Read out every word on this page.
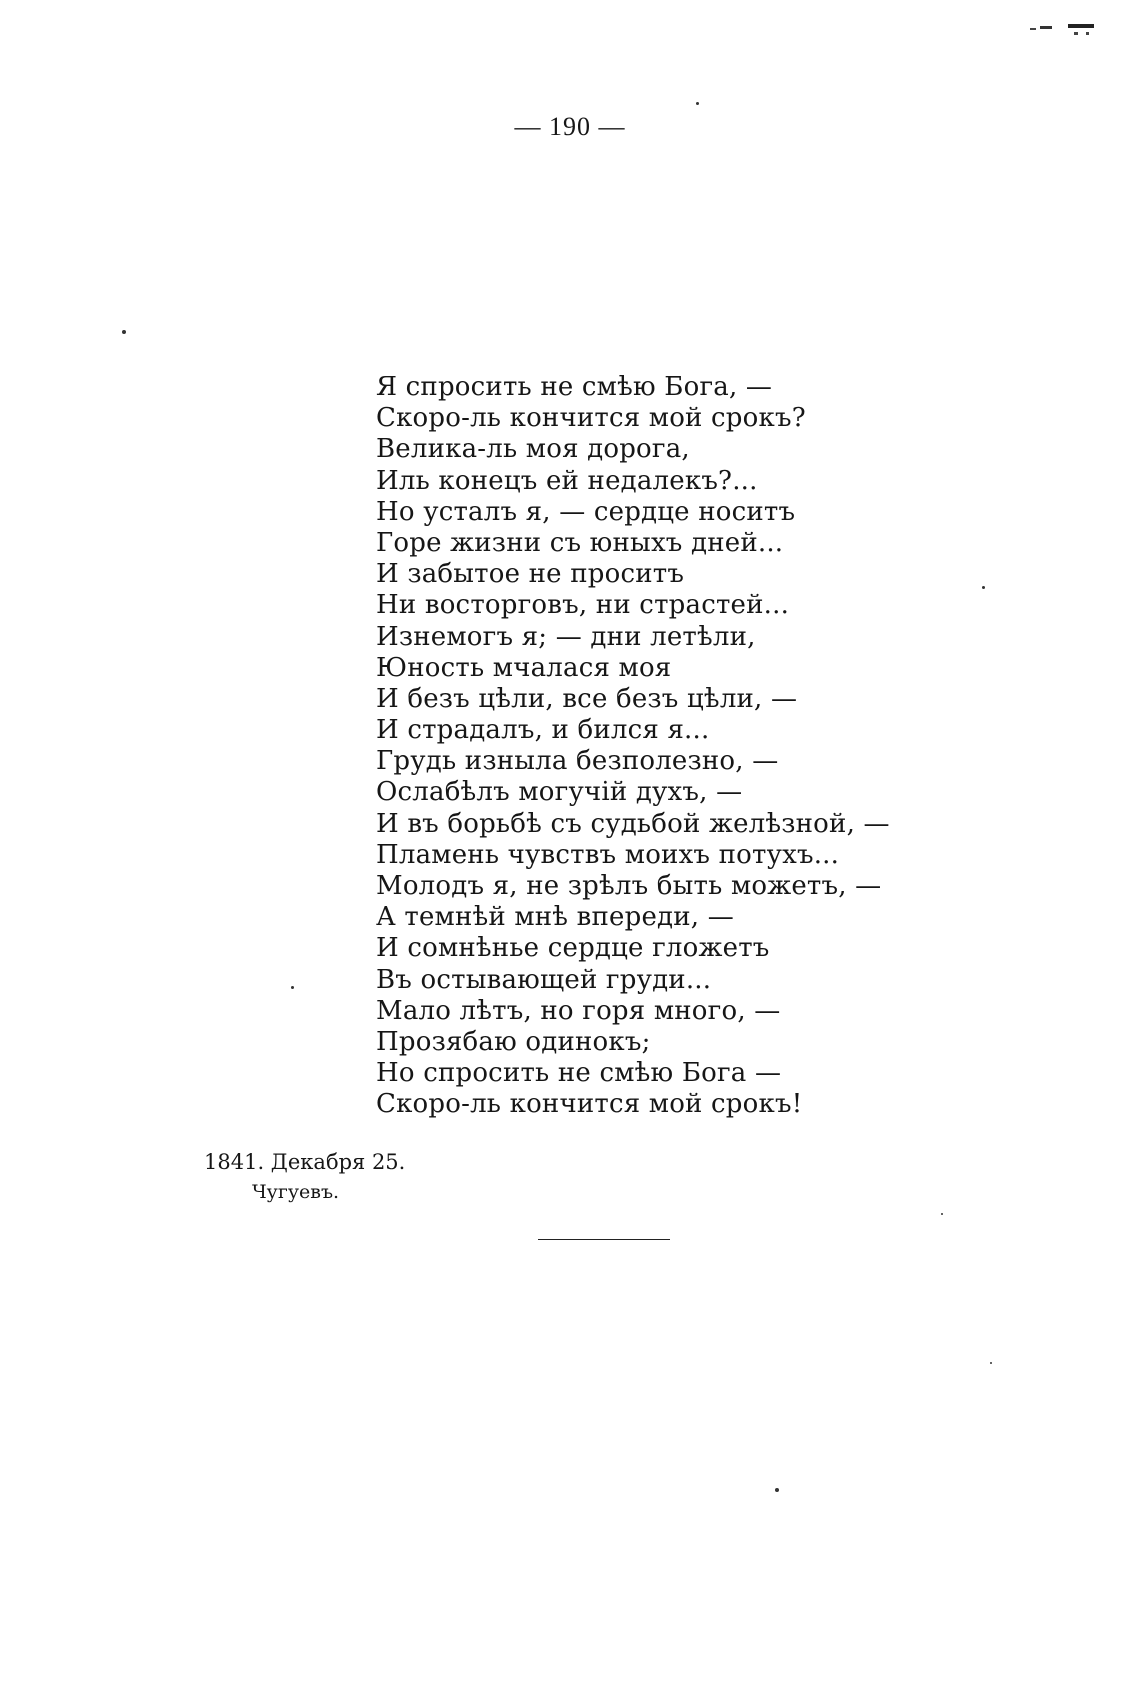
— 190 —
Я спросить не смѣю Бога, —
Скоро-ль кончится мой срокъ?
Велика-ль моя дорога,
Иль конецъ ей недалекъ?...
Но усталъ я, — сердце носитъ
Горе жизни съ юныхъ дней...
И забытое не проситъ
Ни восторговъ, ни страстей...
Изнемогъ я; — дни летѣли,
Юность мчалася моя
И безъ цѣли, все безъ цѣли, —
И страдалъ, и бился я...
Грудь изныла безполезно, —
Ослабѣлъ могучій духъ, —
И въ борьбѣ съ судьбой желѣзной, —
Пламень чувствъ моихъ потухъ...
Молодъ я, не зрѣлъ быть можетъ, —
А темнѣй мнѣ впереди, —
И сомнѣнье сердце гложетъ
Въ остывающей груди...
Мало лѣтъ, но горя много, —
Прозябаю одинокъ;
Но спросить не смѣю Бога —
Скоро-ль кончится мой срокъ!
1841. Декабря 25.
Чугуевъ.
